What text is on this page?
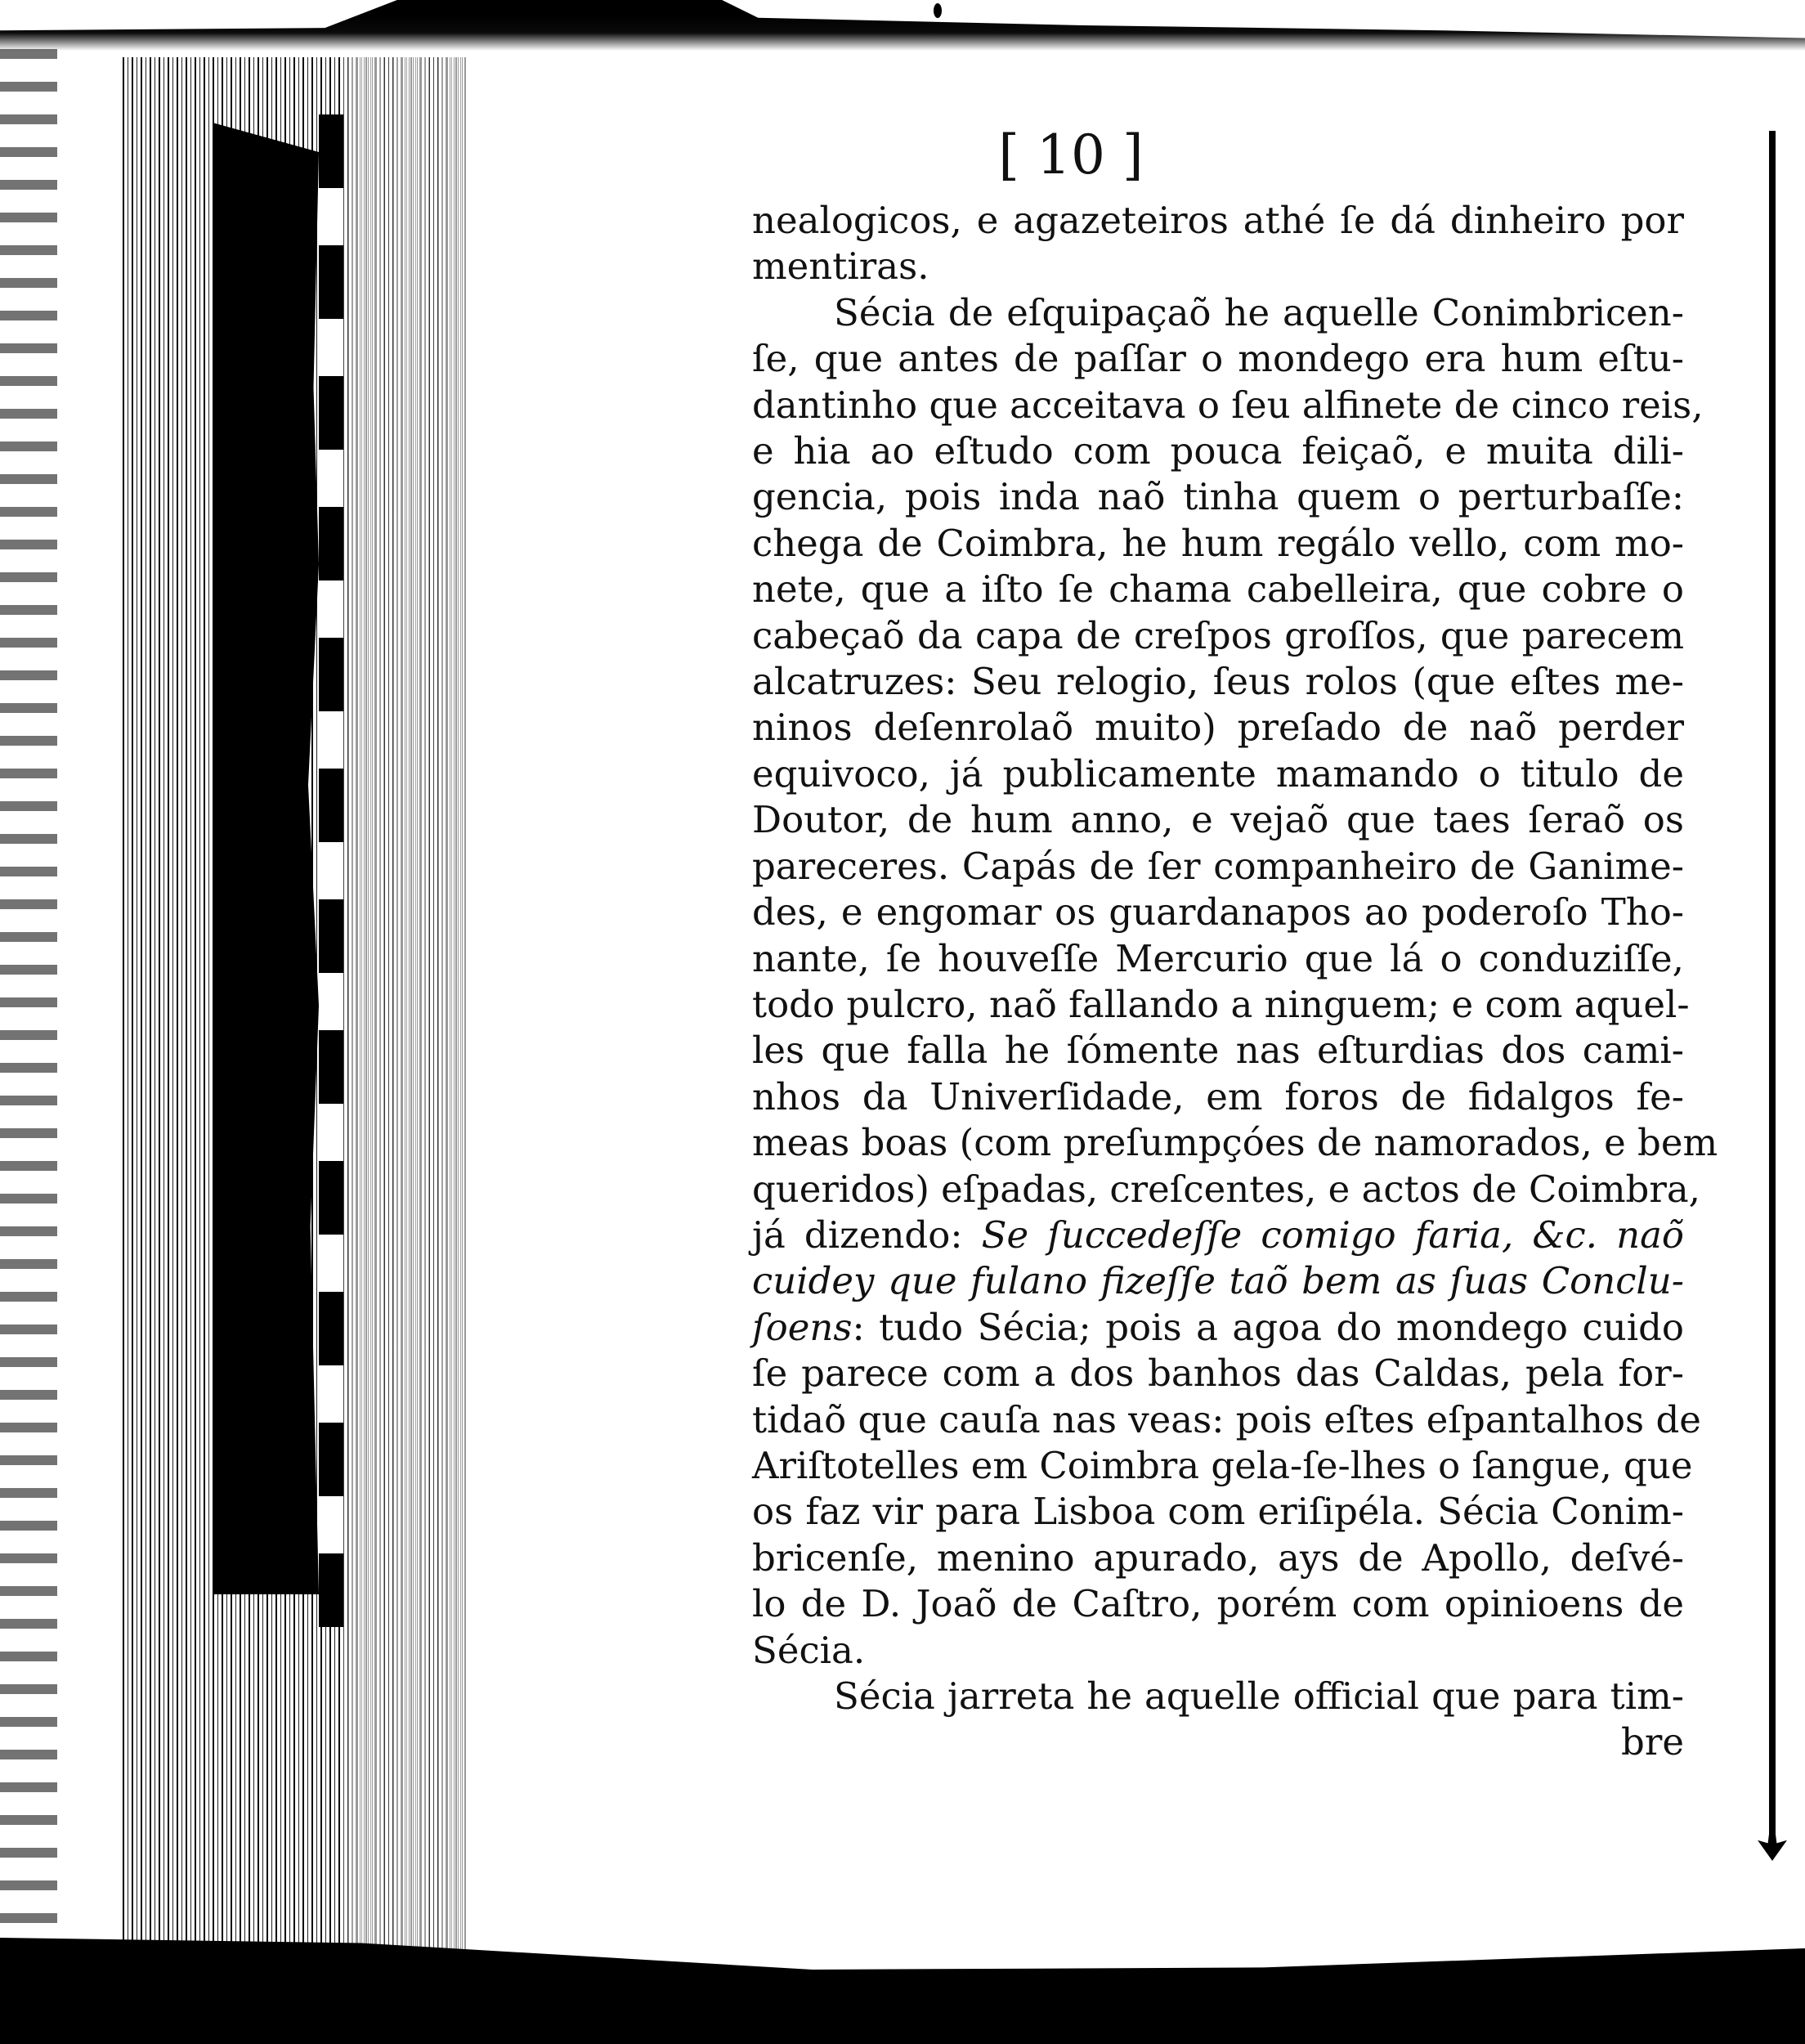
[ 10 ]
nealogicos, e agazeteiros athé ſe dá dinheiro por
mentiras.
Sécia de eſquipaçaõ he aquelle Conimbricen-
ſe, que antes de paſſar o mondego era hum eſtu-
dantinho que acceitava o ſeu alfinete de cinco reis,
e hia ao eſtudo com pouca feiçaõ, e muita dili-
gencia, pois inda naõ tinha quem o perturbaſſe:
chega de Coimbra, he hum regálo vello, com mo-
nete, que a iſto ſe chama cabelleira, que cobre o
cabeçaõ da capa de creſpos groſſos, que parecem
alcatruzes: Seu relogio, ſeus rolos (que eſtes me-
ninos deſenrolaõ muito) preſado de naõ perder
equivoco, já publicamente mamando o titulo de
Doutor, de hum anno, e vejaõ que taes ſeraõ os
pareceres. Capás de ſer companheiro de Ganime-
des, e engomar os guardanapos ao poderoſo Tho-
nante, ſe houveſſe Mercurio que lá o conduziſſe,
todo pulcro, naõ fallando a ninguem; e com aquel-
les que falla he ſómente nas eſturdias dos cami-
nhos da Univerſidade, em foros de fidalgos fe-
meas boas (com preſumpçóes de namorados, e bem
queridos) eſpadas, creſcentes, e actos de Coimbra,
já dizendo: Se ſuccedeſſe comigo faria, &c. naõ
cuidey que fulano fizeſſe taõ bem as ſuas Conclu-
ſoens: tudo Sécia; pois a agoa do mondego cuido
ſe parece com a dos banhos das Caldas, pela for-
tidaõ que cauſa nas veas: pois eſtes eſpantalhos de
Ariſtotelles em Coimbra gela-ſe-lhes o ſangue, que
os faz vir para Lisboa com eriſipéla. Sécia Conim-
bricenſe, menino apurado, ays de Apollo, deſvé-
lo de D. Joaõ de Caſtro, porém com opinioens de
Sécia.
Sécia jarreta he aquelle official que para tim-
bre
